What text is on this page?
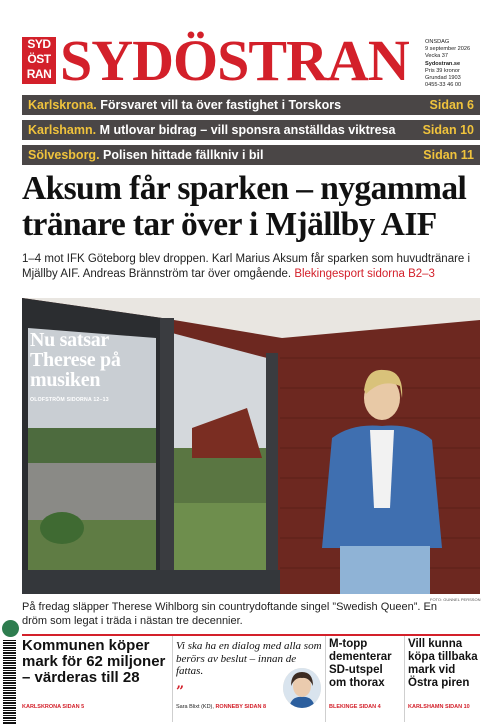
SYD
ÖST
RAN SYDÖSTRAN	ONSDAG
9 september 2026
Vecka 37
Sydostran.se
Pris 39 kronor
Grundad 1903
0455-33 46 00
Karlskrona. Försvaret vill ta över fastighet i Torskors	Sidan 6
Karlshamn. M utlovar bidrag – vill sponsra anställdas viktresa Sidan 10
Sölvesborg. Polisen hittade fällkniv i bil	Sidan 11
Aksum får sparken – nygammal tränare tar över i Mjällby AIF

1–4 mot IFK Göteborg blev droppen. Karl Marius Aksum får sparken som huvudtränare i Mjällby AIF. Andreas Brännström tar över omgående. Blekingesport sidorna B2–3

Nu satsar Therese på musiken
OLOFSTRÖM SIDORNA 12–13
FOTO: GUNNEL PERSSON

På fredag släpper Therese Wihlborg sin countrydoftande singel ”Swedish Queen”. En dröm som legat i träda i nästan tre decennier.

Kommunen köper mark för 62 miljoner – värderas till 28
KARLSKRONA SIDAN 5

Vi ska ha en dialog med alla som berörs av beslut – innan de fattas.

”
Sara Blixt (KD), RONNEBY SIDAN 8
M-topp dementerar SD-utspel om thorax
BLEKINGE SIDAN 4
Vill kunna köpa tillbaka mark vid Östra piren
KARLSHAMN SIDAN 10
